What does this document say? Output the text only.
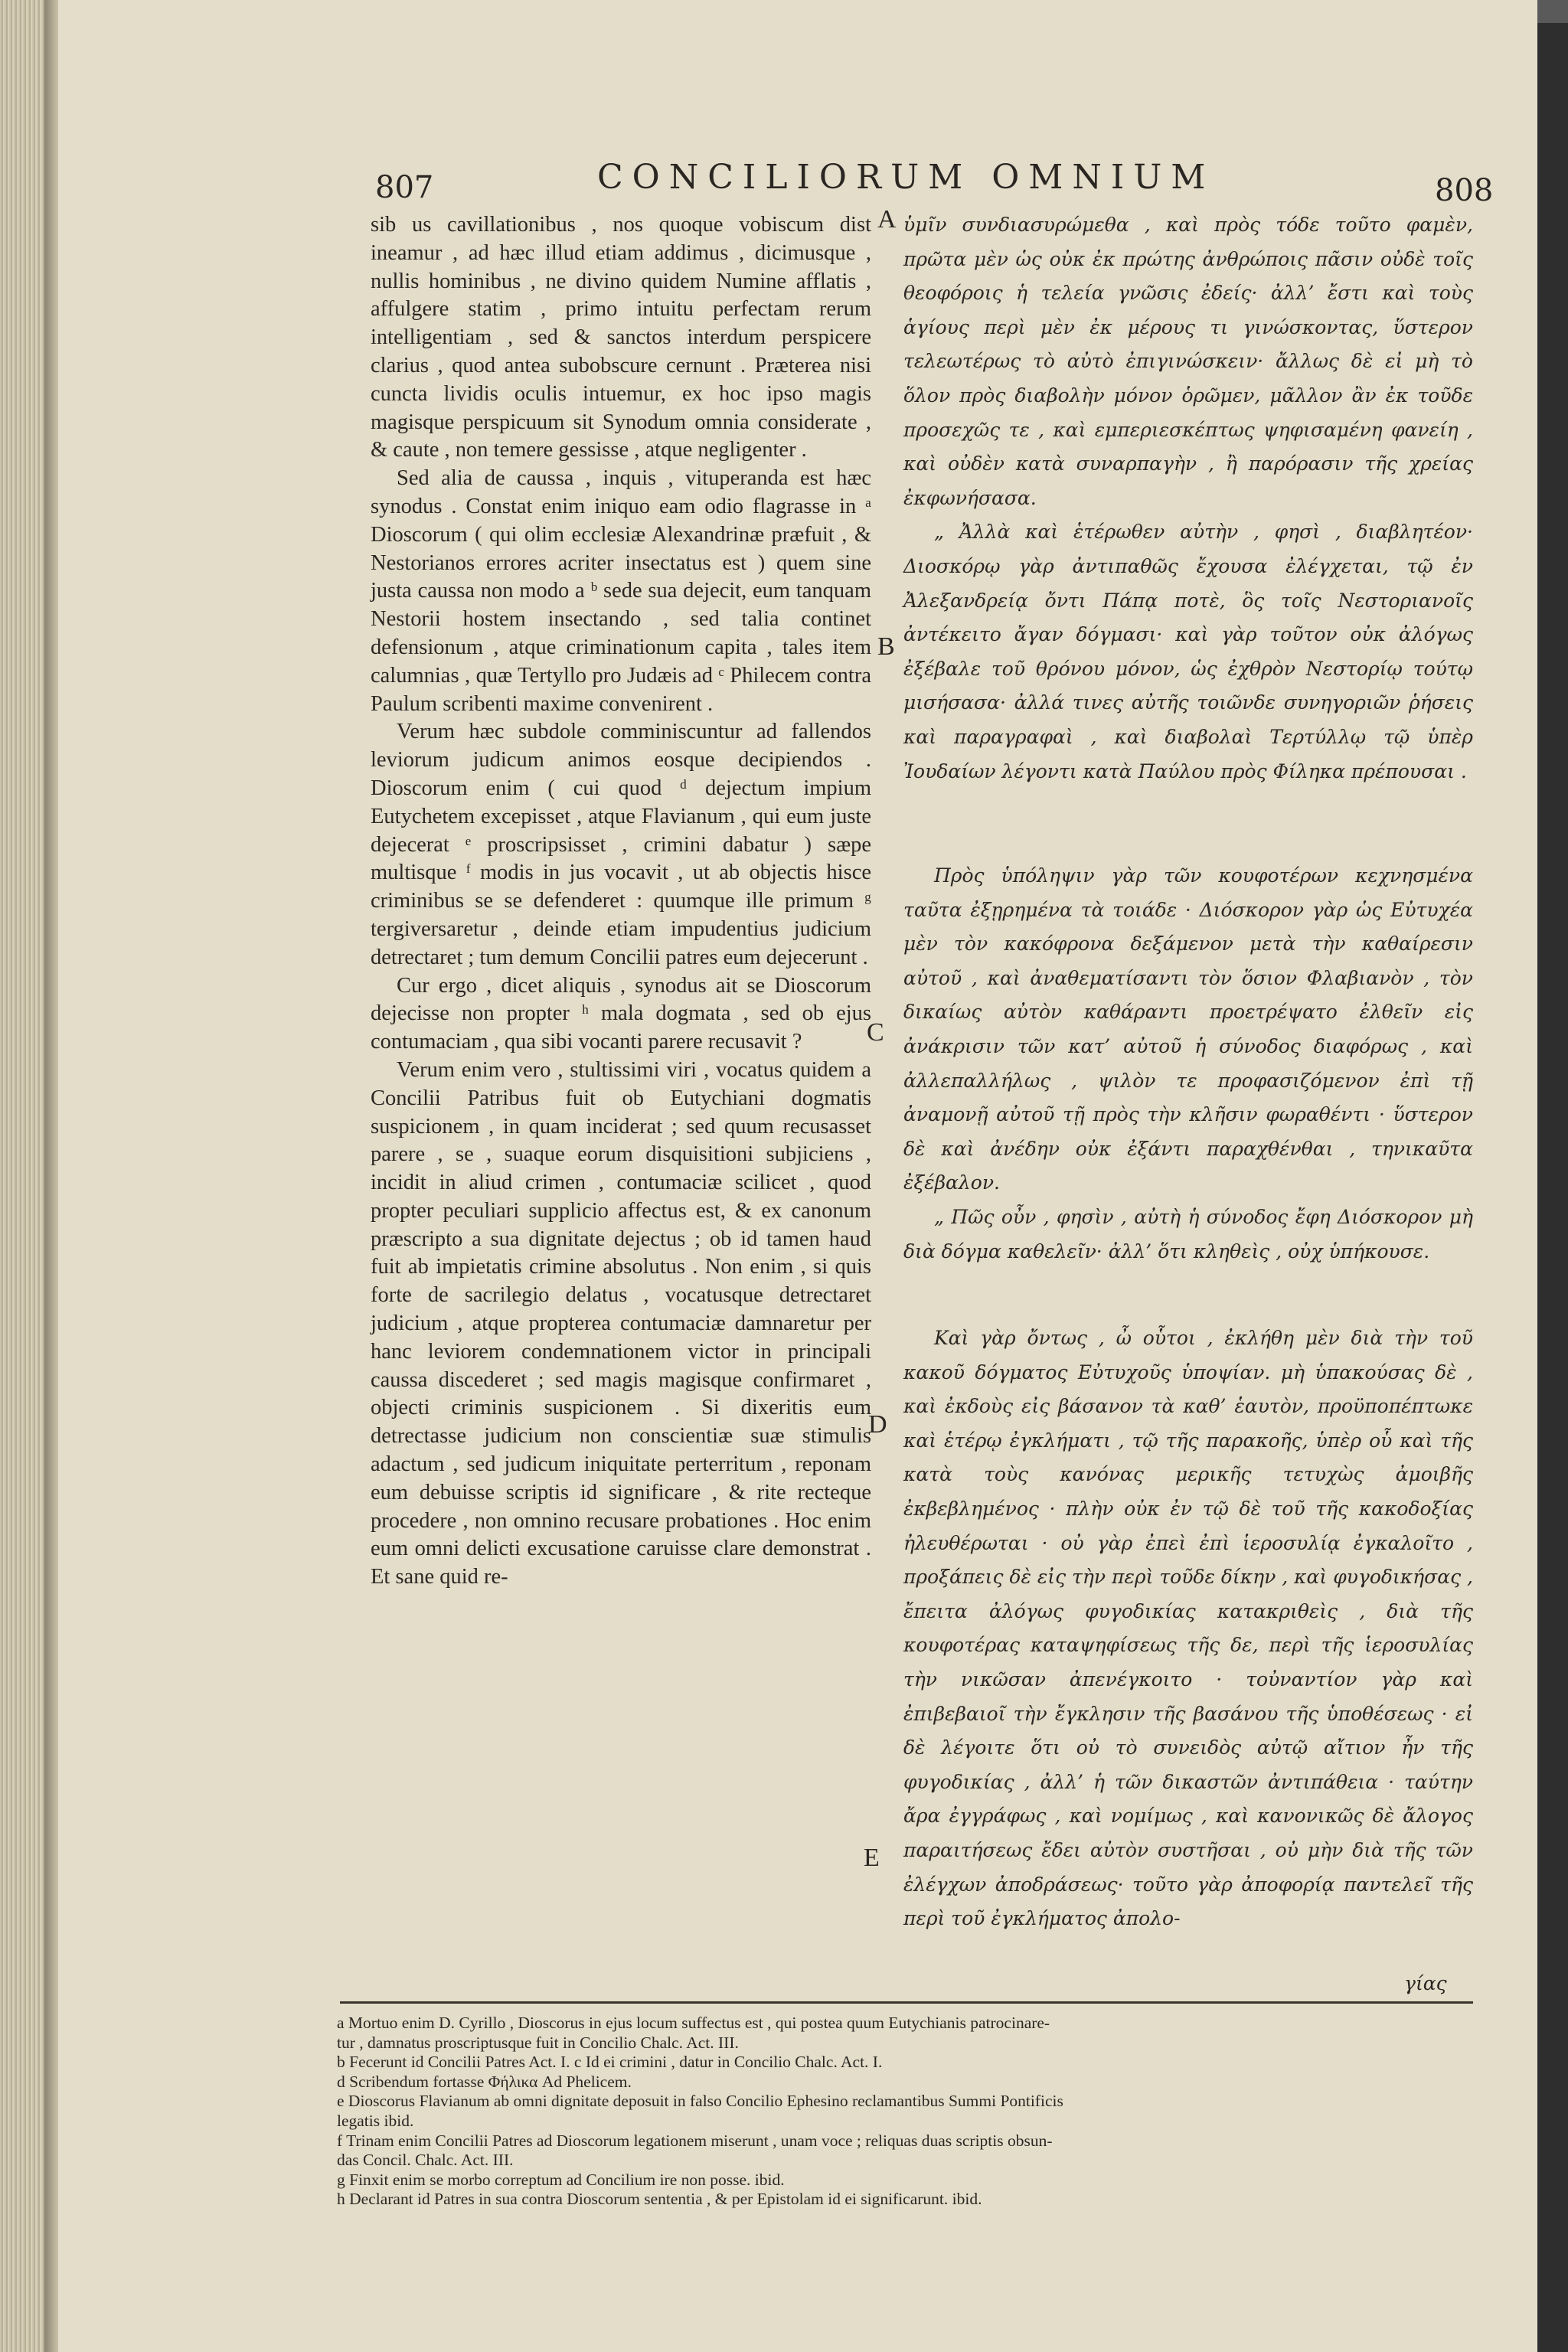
807	CONCILIORUM OMNIUM	808

sib us cavillationibus , nos quoque vobiscum dist ineamur , ad hæc illud etiam addimus , dicimusque , nullis hominibus , ne divino quidem Numine afflatis , affulgere statim , primo intuitu perfectam rerum intelligentiam , sed & sanctos interdum perspicere clarius , quod antea subobscure cernunt . Præterea nisi cuncta lividis oculis intuemur, ex hoc ipso magis magisque perspicuum sit Synodum omnia considerate , & caute , non temere gessisse , atque negligenter .

Sed alia de caussa , inquis , vituperanda est hæc synodus . Constat enim iniquo eam odio flagrasse in ᵃ Dioscorum ( qui olim ecclesiæ Alexandrinæ præfuit , & Nestorianos errores acriter insectatus est ) quem sine justa caussa non modo a ᵇ sede sua dejecit, eum tanquam Nestorii hostem insectando , sed talia continet defensionum , atque criminationum capita , tales item calumnias , quæ Tertyllo pro Judæis ad ᶜ Philecem contra Paulum scribenti maxime convenirent .

Verum hæc subdole comminiscuntur ad fallendos leviorum judicum animos eosque decipiendos . Dioscorum enim ( cui quod ᵈ dejectum impium Eutychetem excepisset , atque Flavianum , qui eum juste dejecerat ᵉ proscripsisset , crimini dabatur ) sæpe multisque ᶠ modis in jus vocavit , ut ab objectis hisce criminibus se se defenderet : quumque ille primum ᵍ tergiversaretur , deinde etiam impudentius judicium detrectaret ; tum demum Concilii patres eum dejecerunt .

Cur ergo , dicet aliquis , synodus ait se Dioscorum dejecisse non propter ʰ mala dogmata , sed ob ejus contumaciam , qua sibi vocanti parere recusavit ?

Verum enim vero , stultissimi viri , vocatus quidem a Concilii Patribus fuit ob Eutychiani dogmatis suspicionem , in quam inciderat ; sed quum recusasset parere , se , suaque eorum disquisitioni subjiciens , incidit in aliud crimen , contumaciæ scilicet , quod propter peculiari supplicio affectus est, & ex canonum præscripto a sua dignitate dejectus ; ob id tamen haud fuit ab impietatis crimine absolutus . Non enim , si quis forte de sacrilegio delatus , vocatusque detrectaret judicium , atque propterea contumaciæ damnaretur per hanc leviorem condemnationem victor in principali caussa discederet ; sed magis magisque confirmaret , objecti criminis suspicionem . Si dixeritis eum detrectasse judicium non conscientiæ suæ stimulis adactum , sed judicum iniquitate perterritum , reponam eum debuisse scriptis id significare , & rite recteque procedere , non omnino recusare probationes . Hoc enim eum omni delicti excusatione caruisse clare demonstrat . Et sane quid re-

ὑμῖν συνδιασυρώμεθα , καὶ πρὸς τόδε τοῦτο φαμὲν, πρῶτα μὲν ὡς οὐκ ἐκ πρώτης ἀνθρώποις πᾶσιν οὐδὲ τοῖς θεοφόροις ἡ τελεία γνῶσις ἐδείς· ἀλλ’ ἔστι καὶ τοὺς ἁγίους περὶ μὲν ἐκ μέρους τι γινώσκοντας, ὕστερον τελεωτέρως τὸ αὐτὸ ἐπιγινώσκειν· ἄλλως δὲ εἰ μὴ τὸ ὅλον πρὸς διαβολὴν μόνον ὁρῶμεν, μᾶλλον ἂν ἐκ τοῦδε προσεχῶς τε , καὶ εμπεριεσκέπτως ψηφισαμένη φανείη , καὶ οὐδὲν κατὰ συναρπαγὴν , ἢ παρόρασιν τῆς χρείας ἐκφωνήσασα.

„ Ἀλλὰ καὶ ἑτέρωθεν αὐτὴν , φησὶ , διαβλητέον· Διοσκόρῳ γὰρ ἀντιπαθῶς ἔχουσα ἐλέγχεται, τῷ ἐν Ἀλεξανδρείᾳ ὄντι Πάπᾳ ποτὲ, ὃς τοῖς Νεστοριανοῖς ἀντέκειτο ἄγαν δόγμασι· καὶ γὰρ τοῦτον οὐκ ἀλόγως ἐξέβαλε τοῦ θρόνου μόνον, ὡς ἐχθρὸν Νεστορίῳ τούτῳ μισήσασα· ἀλλά τινες αὐτῆς τοιῶνδε συνηγοριῶν ῥήσεις καὶ παραγραφαὶ , καὶ διαβολαὶ Τερτύλλῳ τῷ ὑπὲρ Ἰουδαίων λέγοντι κατὰ Παύλου πρὸς Φίληκα πρέπουσαι .

Πρὸς ὑπόληψιν γὰρ τῶν κουφοτέρων κεχνησμένα ταῦτα ἐξῃρημένα τὰ τοιάδε · Διόσκορον γὰρ ὡς Εὐτυχέα μὲν τὸν κακόφρονα δεξάμενον μετὰ τὴν καθαίρεσιν αὐτοῦ , καὶ ἀναθεματίσαντι τὸν ὅσιον Φλαβιανὸν , τὸν δικαίως αὐτὸν καθάραντι προετρέψατο ἐλθεῖν εἰς ἀνάκρισιν τῶν κατ’ αὐτοῦ ἡ σύνοδος διαφόρως , καὶ ἀλλεπαλλήλως , ψιλὸν τε προφασιζόμενον ἐπὶ τῇ ἀναμονῇ αὐτοῦ τῇ πρὸς τὴν κλῆσιν φωραθέντι · ὕστερον δὲ καὶ ἀνέδην οὐκ ἐξάντι παραχθένθαι , τηνικαῦτα ἐξέβαλον.

„ Πῶς οὖν , φησὶν , αὐτὴ ἡ σύνοδος ἔφη Διόσκορον μὴ διὰ δόγμα καθελεῖν· ἀλλ’ ὅτι κληθεὶς , οὐχ ὑπήκουσε.

Καὶ γὰρ ὄντως , ὦ οὗτοι , ἐκλήθη μὲν διὰ τὴν τοῦ κακοῦ δόγματος Εὐτυχοῦς ὑποψίαν. μὴ ὑπακούσας δὲ , καὶ ἐκδοὺς εἰς βάσανον τὰ καθ’ ἑαυτὸν, προϋποπέπτωκε καὶ ἑτέρῳ ἐγκλήματι , τῷ τῆς παρακοῆς, ὑπὲρ οὗ καὶ τῆς κατὰ τοὺς κανόνας μερικῆς τετυχὼς ἀμοιβῆς ἐκβεβλημένος · πλὴν οὐκ ἐν τῷ δὲ τοῦ τῆς κακοδοξίας ἠλευθέρωται · οὐ γὰρ ἐπεὶ ἐπὶ ἱεροσυλίᾳ ἐγκαλοῖτο , προξάπεις δὲ εἰς τὴν περὶ τοῦδε δίκην , καὶ φυγοδικήσας , ἔπειτα ἀλόγως φυγοδικίας κατακριθεὶς , διὰ τῆς κουφοτέρας καταψηφίσεως τῆς δε, περὶ τῆς ἱεροσυλίας τὴν νικῶσαν ἀπενέγκοιτο · τοὐναντίον γὰρ καὶ ἐπιβεβαιοῖ τὴν ἔγκλησιν τῆς βασάνου τῆς ὑποθέσεως · εἰ δὲ λέγοιτε ὅτι οὐ τὸ συνειδὸς αὐτῷ αἴτιον ἦν τῆς φυγοδικίας , ἀλλ’ ἡ τῶν δικαστῶν ἀντιπάθεια · ταύτην ἄρα ἐγγράφως , καὶ νομίμως , καὶ κανονικῶς δὲ ἄλογος παραιτήσεως ἔδει αὐτὸν συστῆσαι , οὐ μὴν διὰ τῆς τῶν ἐλέγχων ἀποδράσεως· τοῦτο γὰρ ἀποφορίᾳ παντελεῖ τῆς περὶ τοῦ ἐγκλήματος ἀπολο-

A
B
C
D
E
γίας
a Mortuo enim D. Cyrillo , Dioscorus in ejus locum suffectus est , qui postea quum Eutychianis patrocinare-
tur , damnatus proscriptusque fuit in Concilio Chalc. Act. III.
b Fecerunt id Concilii Patres Act. I. c Id ei crimini , datur in Concilio Chalc. Act. I.
d Scribendum fortasse Φήλικα Ad Phelicem.
e Dioscorus Flavianum ab omni dignitate deposuit in falso Concilio Ephesino reclamantibus Summi Pontificis
legatis ibid.
f Trinam enim Concilii Patres ad Dioscorum legationem miserunt , unam voce ; reliquas duas scriptis obsun-
das Concil. Chalc. Act. III.
g Finxit enim se morbo correptum ad Concilium ire non posse. ibid.
h Declarant id Patres in sua contra Dioscorum sententia , & per Epistolam id ei significarunt. ibid.
